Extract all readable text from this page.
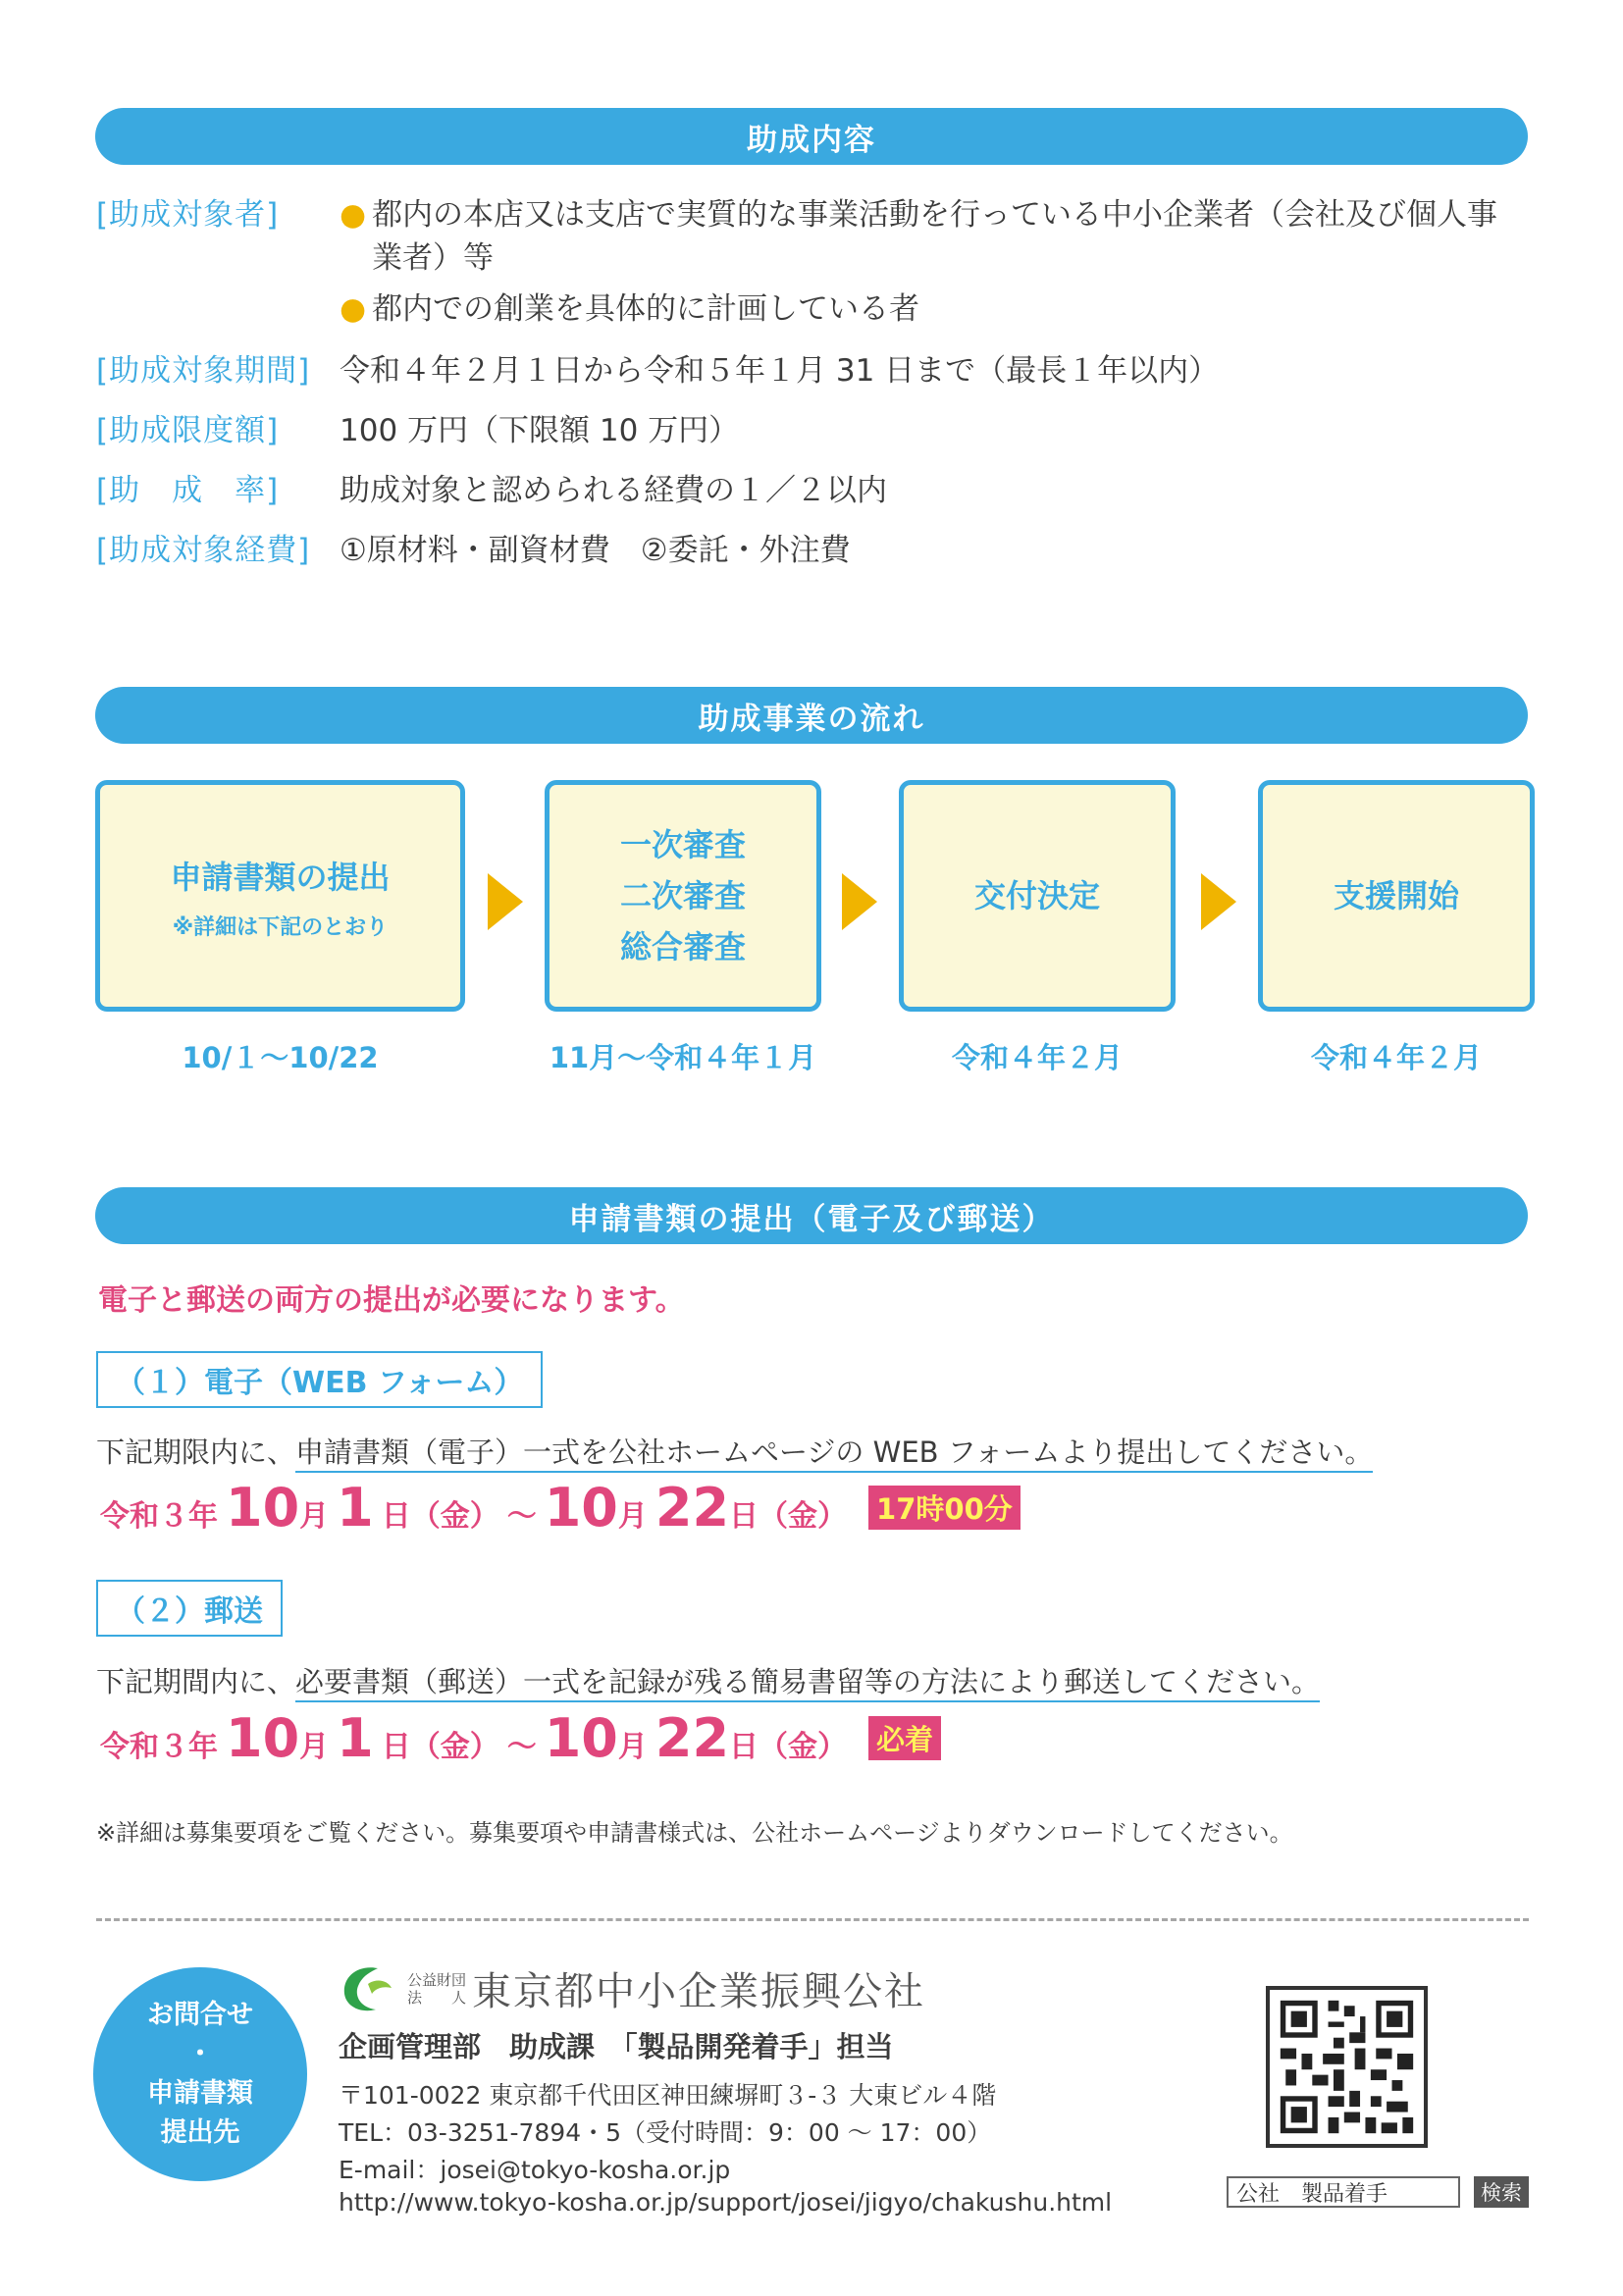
助成内容
[助成対象者]	● 都内の本店又は支店で実質的な事業活動を行っている中小企業者（会社及び個人事業者）等
● 都内での創業を具体的に計画している者
[助成対象期間] 令和４年２月１日から令和５年１月 31 日まで（最長１年以内）
[助成限度額]	100 万円（下限額 10 万円）
[助　成　率]	助成対象と認められる経費の１／２以内
[助成対象経費] ①原材料・副資材費　②委託・外注費
助成事業の流れ
申請書類の提出
※詳細は下記のとおり
一次審査
二次審査
総合審査
交付決定	支援開始
10/１～10/22	11月～令和４年１月	令和４年２月	令和４年２月
申請書類の提出（電子及び郵送）
電子と郵送の両方の提出が必要になります。
（１）電子（WEB フォーム）
下記期限内に、申請書類（電子）一式を公社ホームページの WEB フォームより提出してください。
令和３年 10 月 1 日 （金） ～ 10 月 22 日 （金） 17時00分
（２）郵送
下記期間内に、必要書類（郵送）一式を記録が残る簡易書留等の方法により郵送してください。
令和３年 10 月 1 日 （金） ～ 10 月 22 日 （金） 必着
※詳細は募集要項をご覧ください。募集要項や申請書様式は、公社ホームページよりダウンロードしてください。
お問合せ
・
申請書類
提出先
公益財団
法　　人 東京都中小企業振興公社
企画管理部　助成課　「製品開発着手」担当
〒101-0022 東京都千代田区神田練塀町３-３ 大東ビル４階
TEL：03-3251-7894・5（受付時間：9：00 ～ 17：00）
E-mail：josei@tokyo-kosha.or.jp
http://www.tokyo-kosha.or.jp/support/josei/jigyo/chakushu.html	公社　製品着手	検索
